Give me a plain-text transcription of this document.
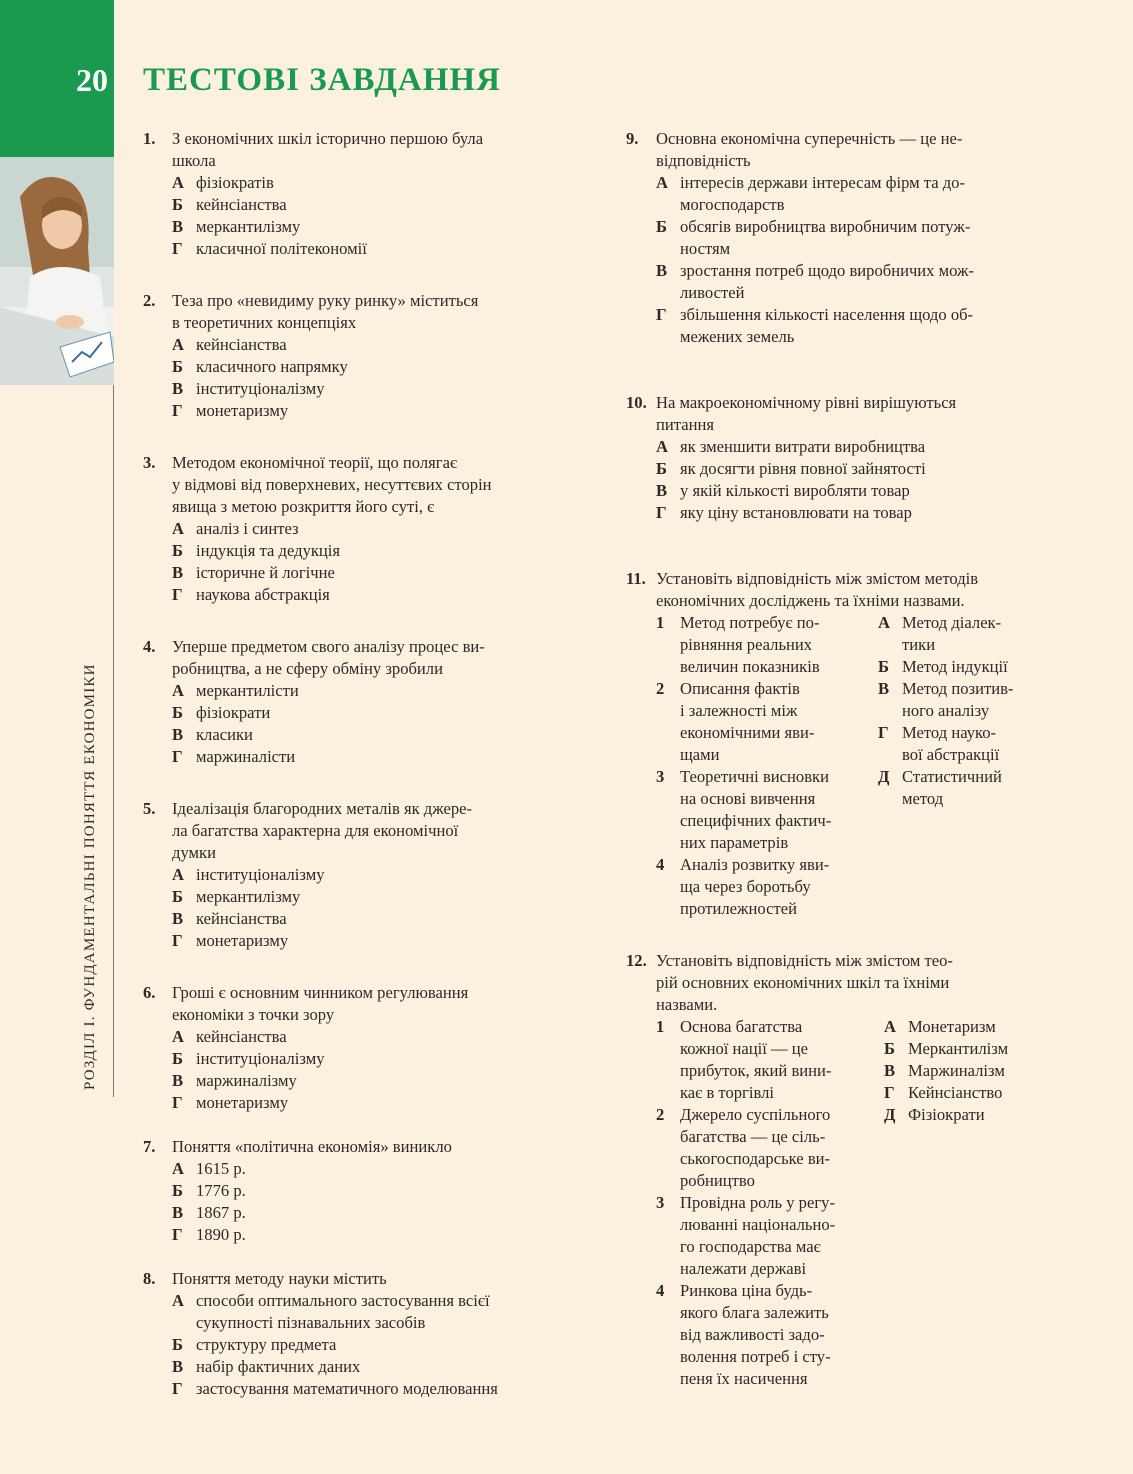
20
РОЗДІЛ І. ФУНДАМЕНТАЛЬНІ ПОНЯТТЯ ЕКОНОМІКИ
ТЕСТОВІ ЗАВДАННЯ
1. З економічних шкіл історично першою була
школа
А фізіократів
Б кейнсіанства
В меркантилізму
Г класичної політекономії
2. Теза про «невидиму руку ринку» міститься
в теоретичних концепціях
А кейнсіанства
Б класичного напрямку
В інституціоналізму
Г монетаризму
3. Методом економічної теорії, що полягає
у відмові від поверхневих, несуттєвих сторін
явища з метою розкриття його суті, є
А аналіз і синтез
Б індукція та дедукція
В історичне й логічне
Г наукова абстракція
4. Уперше предметом свого аналізу процес ви-
робництва, а не сферу обміну зробили
А меркантилісти
Б фізіократи
В класики
Г маржиналісти
5. Ідеалізація благородних металів як джере-
ла багатства характерна для економічної
думки
А інституціоналізму
Б меркантилізму
В кейнсіанства
Г монетаризму
6. Гроші є основним чинником регулювання
економіки з точки зору
А кейнсіанства
Б інституціоналізму
В маржиналізму
Г монетаризму
7. Поняття «політична економія» виникло
А 1615 р.
Б 1776 р.
В 1867 р.
Г 1890 р.
8. Поняття методу науки містить
А способи оптимального застосування всієї
сукупності пізнавальних засобів
Б структуру предмета
В набір фактичних даних
Г застосування математичного моделювання
9. Основна економічна суперечність — це не-
відповідність
А інтересів держави інтересам фірм та до-
могосподарств
Б обсягів виробництва виробничим потуж-
ностям
В зростання потреб щодо виробничих мож-
ливостей
Г збільшення кількості населення щодо об-
межених земель
10. На макроекономічному рівні вирішуються
питання
А як зменшити витрати виробництва
Б як досягти рівня повної зайнятості
В у якій кількості виробляти товар
Г яку ціну встановлювати на товар
11. Установіть відповідність між змістом методів
економічних досліджень та їхніми назвами.
1 Метод потребує по-
рівняння реальних
величин показників
2 Описання фактів
і залежності між
економічними яви-
щами
3 Теоретичні висновки
на основі вивчення
специфічних фактич-
них параметрів
4 Аналіз розвитку яви-
ща через боротьбу
протилежностей
А Метод діалек-
тики
Б Метод індукції
В Метод позитив-
ного аналізу
Г Метод науко-
вої абстракції
Д Статистичний
метод
12. Установіть відповідність між змістом тео-
рій основних економічних шкіл та їхніми
назвами.
1 Основа багатства
кожної нації — це
прибуток, який вини-
кає в торгівлі
2 Джерело суспільного
багатства — це сіль-
ськогосподарське ви-
робництво
3 Провідна роль у регу-
люванні національно-
го господарства має
належати державі
4 Ринкова ціна будь-
якого блага залежить
від важливості задо-
волення потреб і сту-
пеня їх насичення
А Монетаризм
Б Меркантилізм
В Маржиналізм
Г Кейнсіанство
Д Фізіократи
